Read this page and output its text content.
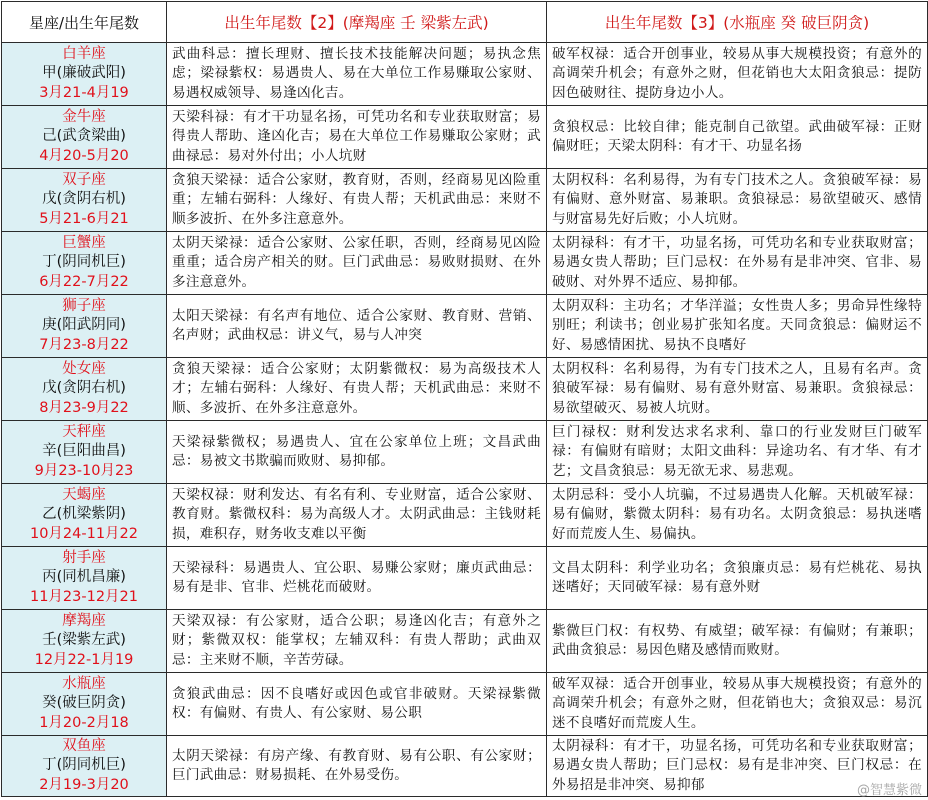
星座/出生年尾数	出生年尾数【2】(摩羯座 壬 梁紫左武)	出生年尾数【3】(水瓶座 癸 破巨阴贪)

白羊座
甲(廉破武阳)
3月21-4月19	武曲科忌：擅长理财、擅长技术技能解决问题；易执念焦虑；梁禄紫权：易遇贵人、易在大单位工作易赚取公家财、易遇权威领导、易逢凶化吉。	破军权禄：适合开创事业，较易从事大规模投资；有意外的高调荣升机会；有意外之财，但花销也大太阳贪狼忌：提防因色破财往、提防身边小人。

金牛座
己(武贪梁曲)
4月20-5月20	天梁科禄：有才干功显名扬，可凭功名和专业获取财富；易得贵人帮助、逢凶化吉；易在大单位工作易赚取公家财；武曲禄忌：易对外付出；小人坑财	贪狼权忌：比较自律；能克制自己欲望。武曲破军禄：正财偏财旺；天梁太阴科：有才干、功显名扬

双子座
戊(贪阴右机)
5月21-6月21	贪狼天梁禄：适合公家财，教育财，否则，经商易见凶险重重；左辅右弼科：人缘好、有贵人帮；天机武曲忌：来财不顺多波折、在外多注意意外。	太阴权科：名利易得，为有专门技术之人。贪狼破军禄：易有偏财、意外财富、易兼职。贪狼禄忌：易欲望破灭、感情与财富易先好后败；小人坑财。

巨蟹座
丁(阴同机巨)
6月22-7月22	太阴天梁禄：适合公家财、公家任职，否则，经商易见凶险重重；适合房产相关的财。巨门武曲忌：易败财损财、在外多注意意外。	太阴禄科：有才干，功显名扬，可凭功名和专业获取财富；易遇女贵人帮助；巨门忌权：在外易有是非冲突、官非、易破财、对外界不适应、易抑郁。

狮子座
庚(阳武阴同)
7月23-8月22	太阳天梁禄：有名声有地位、适合公家财、教育财、营销、名声财；武曲权忌：讲义气，易与人冲突	太阴双科：主功名；才华洋溢；女性贵人多；男命异性缘特别旺；利读书；创业易扩张知名度。天同贪狼忌：偏财运不好、易感情困扰、易执不良嗜好

处女座
戊(贪阴右机)
8月23-9月22	贪狼天梁禄：适合公家财；太阴紫微权：易为高级技术人才；左辅右弼科：人缘好、有贵人帮；天机武曲忌：来财不顺、多波折、在外多注意意外。	太阴权科：名利易得，为有专门技术之人，且易有名声。贪狼破军禄：易有偏财、易有意外财富、易兼职。贪狼禄忌：易欲望破灭、易被人坑财。

天秤座
辛(巨阳曲昌)
9月23-10月23	天梁禄紫微权；易遇贵人、宜在公家单位上班；文昌武曲忌：易被文书欺骗而败财、易抑郁。	巨门禄权：财利发达求名求利、靠口的行业发财巨门破军禄：有偏财有暗财；太阳文曲科：异途功名、有才华、有才艺；文昌贪狼忌：易无欲无求、易悲观。

天蝎座
乙(机梁紫阴)
10月24-11月22	天梁权禄：财利发达、有名有利、专业财富，适合公家财、教育财。紫微权科：易为高级人才。太阴武曲忌：主钱财耗损，难积存，财务收支难以平衡	太阴忌科：受小人坑骗，不过易遇贵人化解。天机破军禄：易有偏财，紫微太阴科：易有功名。太阴贪狼忌：易执迷嗜好而荒废人生、易偏执。

射手座
丙(同机昌廉)
11月23-12月21	天梁禄科：易遇贵人、宜公职、易赚公家财；廉贞武曲忌：易有是非、官非、烂桃花而破财。	文昌太阴科：利学业功名；贪狼廉贞忌：易有烂桃花、易执迷嗜好；天同破军禄：易有意外财

摩羯座
壬(梁紫左武)
12月22-1月19	天梁双禄：有公家财，适合公职；易逢凶化吉；有意外之财；紫微双权：能掌权；左辅双科：有贵人帮助；武曲双忌：主来财不顺，辛苦劳碌。	紫微巨门权：有权势、有威望；破军禄：有偏财；有兼职；武曲贪狼忌：易因色赌及感情而败财。

水瓶座
癸(破巨阴贪)
1月20-2月18	贪狼武曲忌：因不良嗜好或因色或官非破财。天梁禄紫微权：有偏财、有贵人、有公家财、易公职	破军双禄：适合开创事业，较易从事大规模投资；有意外的高调荣升机会；有意外之财，但花销也大；贪狼双忌：易沉迷不良嗜好而荒废人生。

双鱼座
丁(阴同机巨)
2月19-3月20	太阴天梁禄：有房产缘、有教育财、易有公职、有公家财；巨门武曲忌：财易损耗、在外易受伤。	太阴禄科：有才干，功显名扬，可凭功名和专业获取财富；易遇女贵人帮助；巨门忌权：易有是非冲突、巨门权忌：在外易招是非冲突、易抑郁	@智慧紫微
